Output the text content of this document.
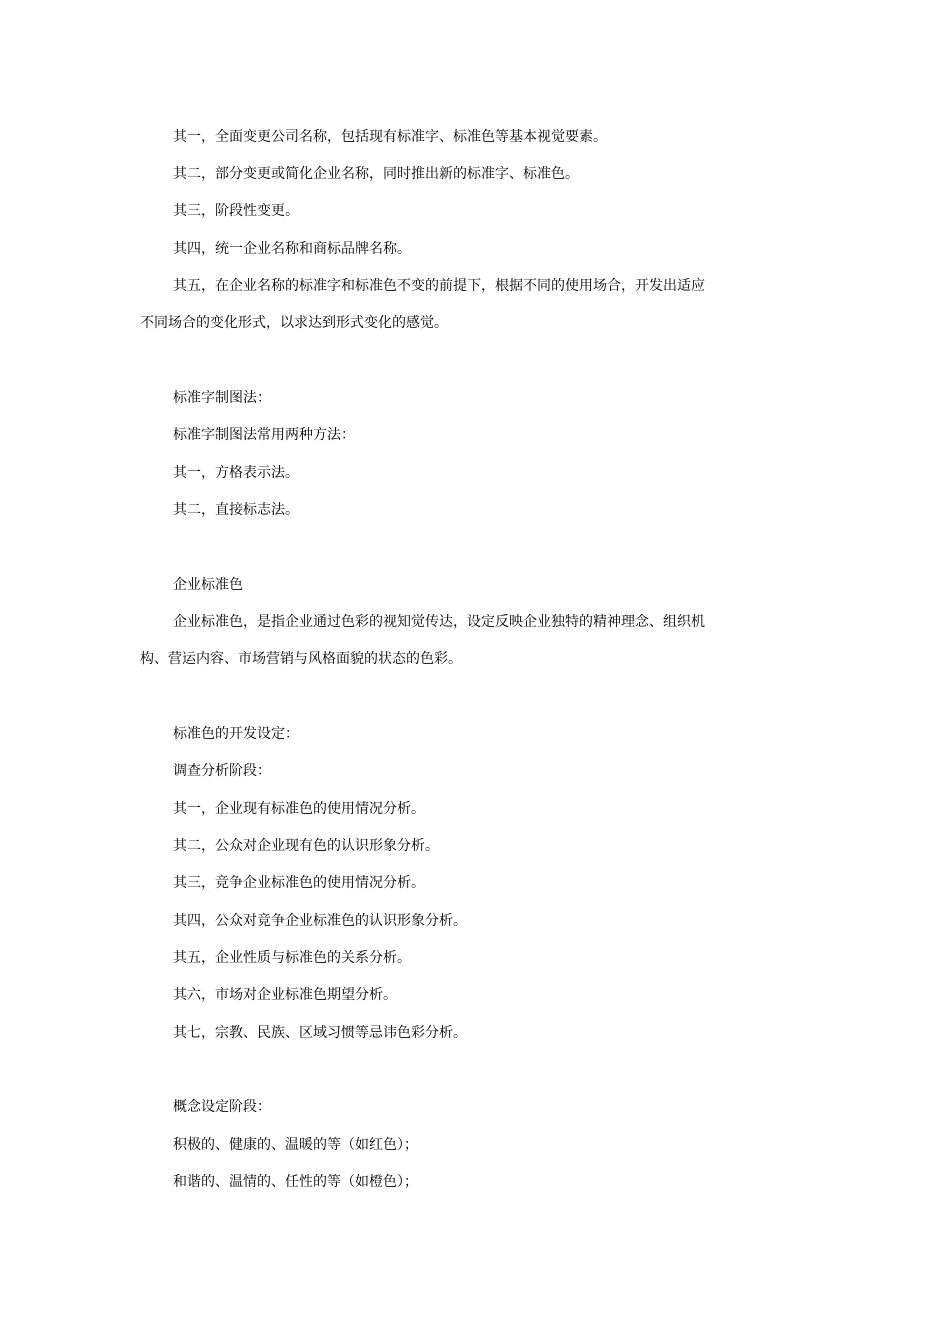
其一，全面变更公司名称，包括现有标准字、标准色等基本视觉要素。
其二，部分变更或简化企业名称，同时推出新的标准字、标准色。
其三，阶段性变更。
其四，统一企业名称和商标品牌名称。
其五，在企业名称的标准字和标准色不变的前提下，根据不同的使用场合，开发出适应
不同场合的变化形式，以求达到形式变化的感觉。
标准字制图法：
标准字制图法常用两种方法：
其一，方格表示法。
其二，直接标志法。
企业标准色
企业标准色，是指企业通过色彩的视知觉传达，设定反映企业独特的精神理念、组织机
构、营运内容、市场营销与风格面貌的状态的色彩。
标准色的开发设定：
调查分析阶段：
其一，企业现有标准色的使用情况分析。
其二，公众对企业现有色的认识形象分析。
其三，竞争企业标准色的使用情况分析。
其四，公众对竞争企业标准色的认识形象分析。
其五，企业性质与标准色的关系分析。
其六，市场对企业标准色期望分析。
其七，宗教、民族、区域习惯等忌讳色彩分析。
概念设定阶段：
积极的、健康的、温暖的等（如红色）；
和谐的、温情的、任性的等（如橙色）；
